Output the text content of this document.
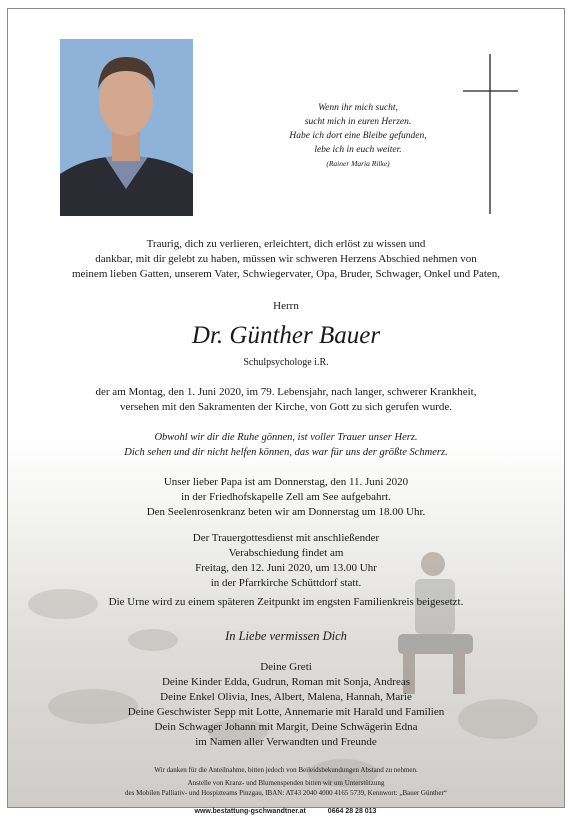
Wenn ihr mich sucht,
sucht mich in euren Herzen.
Habe ich dort eine Bleibe gefunden,
lebe ich in euch weiter.
(Rainer Maria Rilke)
Traurig, dich zu verlieren, erleichtert, dich erlöst zu wissen und
dankbar, mit dir gelebt zu haben, müssen wir schweren Herzens Abschied nehmen von
meinem lieben Gatten, unserem Vater, Schwiegervater, Opa, Bruder, Schwager, Onkel und Paten,
Herrn
Dr. Günther Bauer
Schulpsychologe i.R.
der am Montag, den 1. Juni 2020, im 79. Lebensjahr, nach langer, schwerer Krankheit,
versehen mit den Sakramenten der Kirche, von Gott zu sich gerufen wurde.
Obwohl wir dir die Ruhe gönnen, ist voller Trauer unser Herz.
Dich sehen und dir nicht helfen können, das war für uns der größte Schmerz.
Unser lieber Papa ist am Donnerstag, den 11. Juni 2020
in der Friedhofskapelle Zell am See aufgebahrt.
Den Seelenrosenkranz beten wir am Donnerstag um 18.00 Uhr.
Der Trauergottesdienst mit anschließender
Verabschiedung findet am
Freitag, den 12. Juni 2020, um 13.00 Uhr
in der Pfarrkirche Schüttdorf statt.
Die Urne wird zu einem späteren Zeitpunkt im engsten Familienkreis beigesetzt.
In Liebe vermissen Dich
Deine Greti
Deine Kinder Edda, Gudrun, Roman mit Sonja, Andreas
Deine Enkel Olivia, Ines, Albert, Malena, Hannah, Marie
Deine Geschwister Sepp mit Lotte, Annemarie mit Harald und Familien
Dein Schwager Johann mit Margit, Deine Schwägerin Edna
im Namen aller Verwandten und Freunde
Wir danken für die Anteilnahme, bitten jedoch von Beileidsbekundungen Abstand zu nehmen.
Anstelle von Kranz- und Blumenspenden bitten wir um Unterstützung
des Mobilen Palliativ- und Hospizteams Pinzgau, IBAN: AT43 2040 4000 4165 5739, Kennwort: „Bauer Günther“
www.bestattung-gschwandtner.at	0664 28 28 013
